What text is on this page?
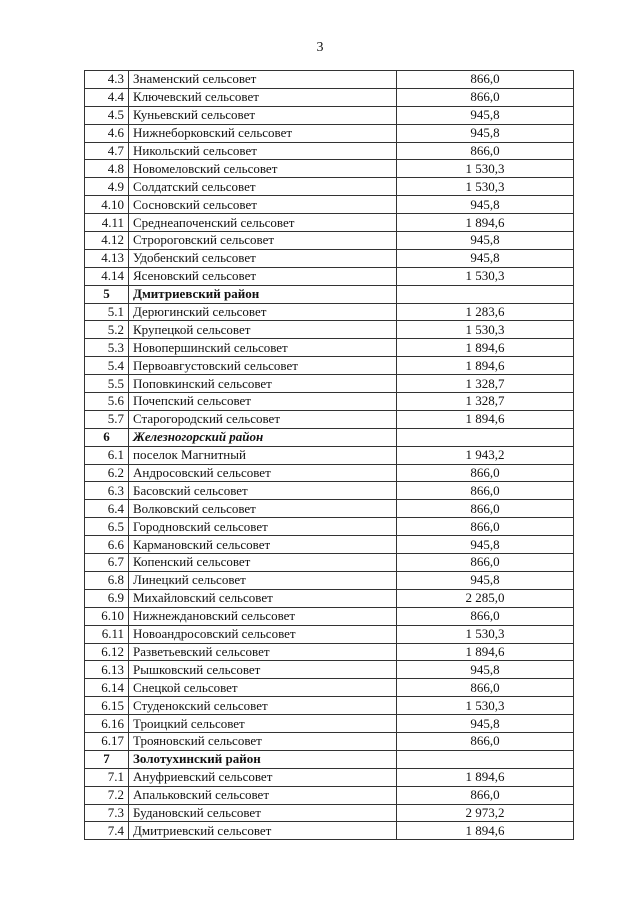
3
4.3	Знаменский сельсовет	866,0
4.4	Ключевский сельсовет	866,0
4.5	Куньевский сельсовет	945,8
4.6	Нижнеборковский сельсовет	945,8
4.7	Никольский сельсовет	866,0
4.8	Новомеловский сельсовет	1 530,3
4.9	Солдатский сельсовет	1 530,3
4.10	Сосновский сельсовет	945,8
4.11	Среднеапоченский сельсовет	1 894,6
4.12	Стророговский сельсовет	945,8
4.13	Удобенский сельсовет	945,8
4.14	Ясеновский сельсовет	1 530,3
5	Дмитриевский район	
5.1	Дерюгинский сельсовет	1 283,6
5.2	Крупецкой сельсовет	1 530,3
5.3	Новопершинский сельсовет	1 894,6
5.4	Первоавгустовский сельсовет	1 894,6
5.5	Поповкинский сельсовет	1 328,7
5.6	Почепский сельсовет	1 328,7
5.7	Старогородский сельсовет	1 894,6
6	Железногорский район	
6.1	поселок Магнитный	1 943,2
6.2	Андросовский сельсовет	866,0
6.3	Басовский сельсовет	866,0
6.4	Волковский сельсовет	866,0
6.5	Городновский сельсовет	866,0
6.6	Кармановский сельсовет	945,8
6.7	Копенский сельсовет	866,0
6.8	Линецкий сельсовет	945,8
6.9	Михайловский сельсовет	2 285,0
6.10	Нижнеждановский сельсовет	866,0
6.11	Новоандросовский сельсовет	1 530,3
6.12	Разветьевский сельсовет	1 894,6
6.13	Рышковский сельсовет	945,8
6.14	Снецкой сельсовет	866,0
6.15	Студенокский сельсовет	1 530,3
6.16	Троицкий сельсовет	945,8
6.17	Трояновский сельсовет	866,0
7	Золотухинский район	
7.1	Ануфриевский сельсовет	1 894,6
7.2	Апальковский сельсовет	866,0
7.3	Будановский сельсовет	2 973,2
7.4	Дмитриевский сельсовет	1 894,6
